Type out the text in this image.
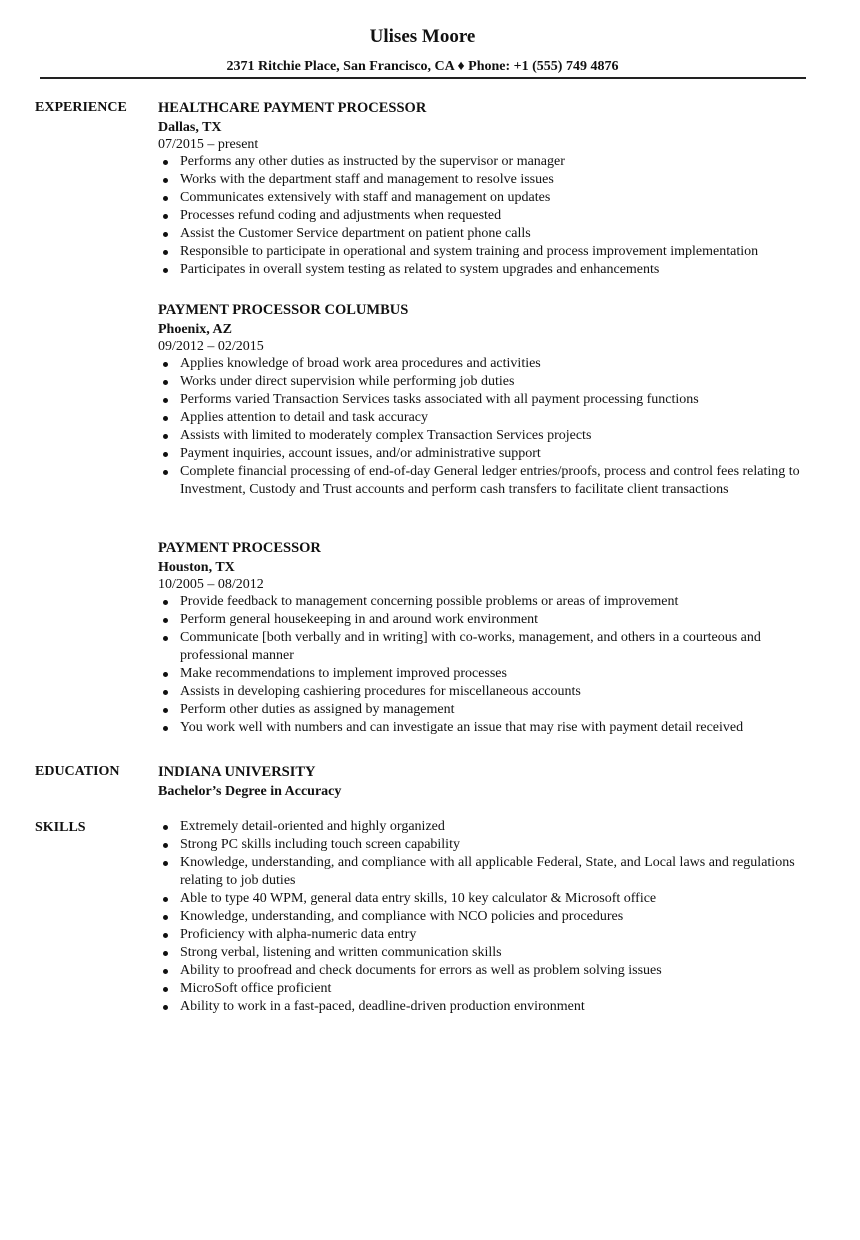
Ulises Moore
2371 Ritchie Place, San Francisco, CA ♦ Phone: +1 (555) 749 4876
EXPERIENCE HEALTHCARE PAYMENT PROCESSOR
Dallas, TX
07/2015 – present
Performs any other duties as instructed by the supervisor or manager
Works with the department staff and management to resolve issues
Communicates extensively with staff and management on updates
Processes refund coding and adjustments when requested
Assist the Customer Service department on patient phone calls
Responsible to participate in operational and system training and process improvement implementation
Participates in overall system testing as related to system upgrades and enhancements
PAYMENT PROCESSOR COLUMBUS
Phoenix, AZ
09/2012 – 02/2015
Applies knowledge of broad work area procedures and activities
Works under direct supervision while performing job duties
Performs varied Transaction Services tasks associated with all payment processing functions
Applies attention to detail and task accuracy
Assists with limited to moderately complex Transaction Services projects
Payment inquiries, account issues, and/or administrative support
Complete financial processing of end-of-day General ledger entries/proofs, process and control fees relating to Investment, Custody and Trust accounts and perform cash transfers to facilitate client transactions
PAYMENT PROCESSOR
Houston, TX
10/2005 – 08/2012
Provide feedback to management concerning possible problems or areas of improvement
Perform general housekeeping in and around work environment
Communicate [both verbally and in writing] with co-works, management, and others in a courteous and professional manner
Make recommendations to implement improved processes
Assists in developing cashiering procedures for miscellaneous accounts
Perform other duties as assigned by management
You work well with numbers and can investigate an issue that may rise with payment detail received
EDUCATION	INDIANA UNIVERSITY
Bachelor’s Degree in Accuracy
SKILLS	Extremely detail-oriented and highly organized
Strong PC skills including touch screen capability
Knowledge, understanding, and compliance with all applicable Federal, State, and Local laws and regulations relating to job duties
Able to type 40 WPM, general data entry skills, 10 key calculator & Microsoft office
Knowledge, understanding, and compliance with NCO policies and procedures
Proficiency with alpha-numeric data entry
Strong verbal, listening and written communication skills
Ability to proofread and check documents for errors as well as problem solving issues
MicroSoft office proficient
Ability to work in a fast-paced, deadline-driven production environment
